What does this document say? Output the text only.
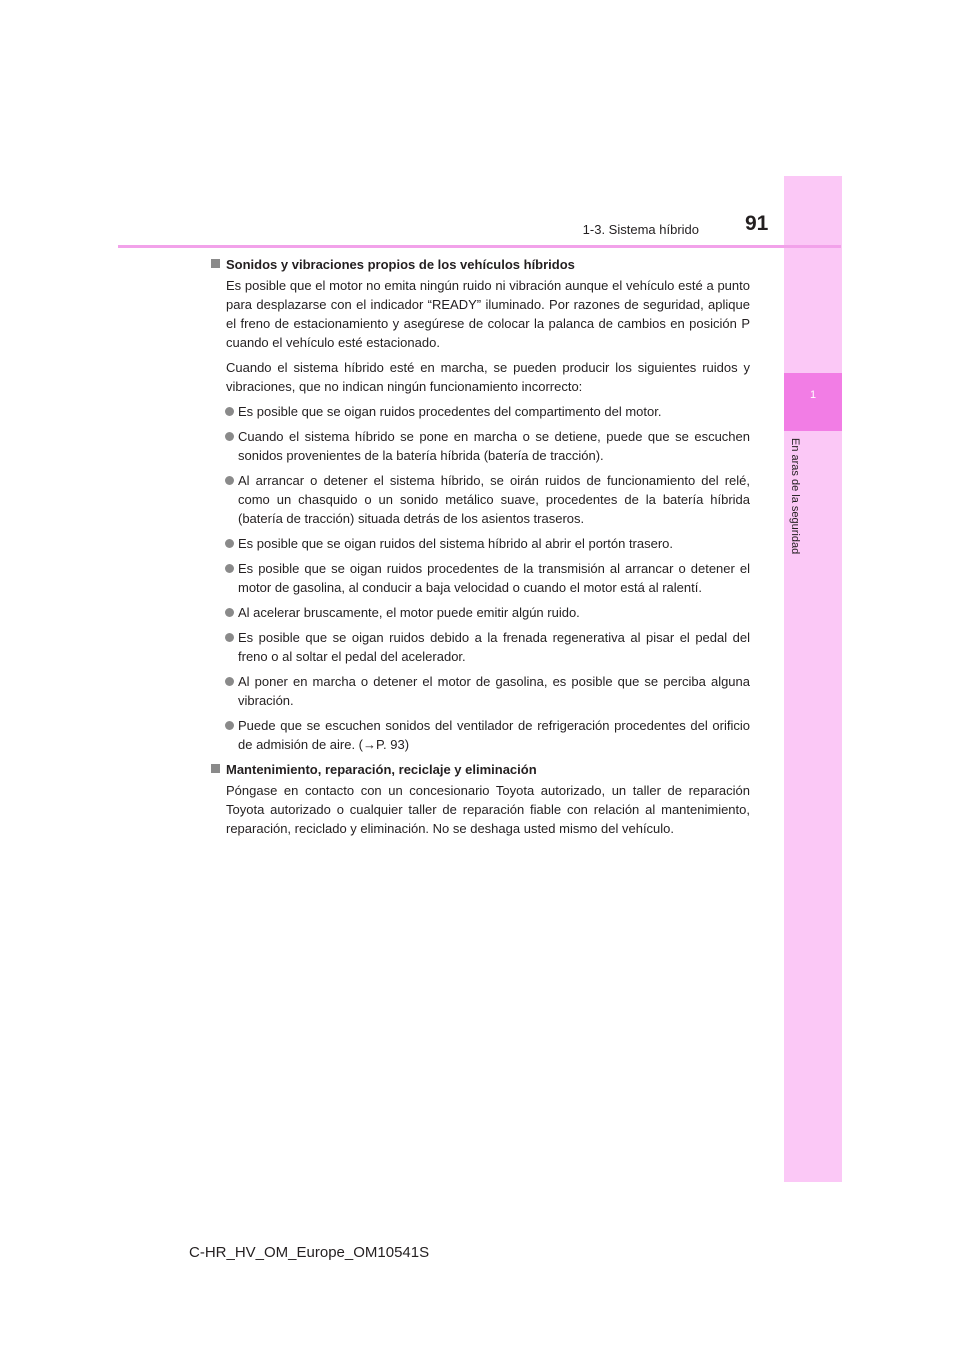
1
En aras de la seguridad
1-3. Sistema híbrido 91
Sonidos y vibraciones propios de los vehículos híbridos

Es posible que el motor no emita ningún ruido ni vibración aunque el vehículo esté a punto para desplazarse con el indicador “READY” iluminado. Por razones de seguridad, aplique el freno de estacionamiento y asegúrese de colocar la palanca de cambios en posición P cuando el vehículo esté estacionado.

Cuando el sistema híbrido esté en marcha, se pueden producir los siguientes ruidos y vibraciones, que no indican ningún funcionamiento incorrecto:

Es posible que se oigan ruidos procedentes del compartimento del motor.
Cuando el sistema híbrido se pone en marcha o se detiene, puede que se escuchen sonidos provenientes de la batería híbrida (batería de tracción).
Al arrancar o detener el sistema híbrido, se oirán ruidos de funcionamiento del relé, como un chasquido o un sonido metálico suave, procedentes de la batería híbrida (batería de tracción) situada detrás de los asientos traseros.
Es posible que se oigan ruidos del sistema híbrido al abrir el portón trasero.
Es posible que se oigan ruidos procedentes de la transmisión al arrancar o detener el motor de gasolina, al conducir a baja velocidad o cuando el motor está al ralentí.
Al acelerar bruscamente, el motor puede emitir algún ruido.
Es posible que se oigan ruidos debido a la frenada regenerativa al pisar el pedal del freno o al soltar el pedal del acelerador.
Al poner en marcha o detener el motor de gasolina, es posible que se perciba alguna vibración.
Puede que se escuchen sonidos del ventilador de refrigeración procedentes del orificio de admisión de aire. (→P. 93)
Mantenimiento, reparación, reciclaje y eliminación

Póngase en contacto con un concesionario Toyota autorizado, un taller de reparación Toyota autorizado o cualquier taller de reparación fiable con relación al mantenimiento, reparación, reciclado y eliminación. No se deshaga usted mismo del vehículo.

C-HR_HV_OM_Europe_OM10541S
